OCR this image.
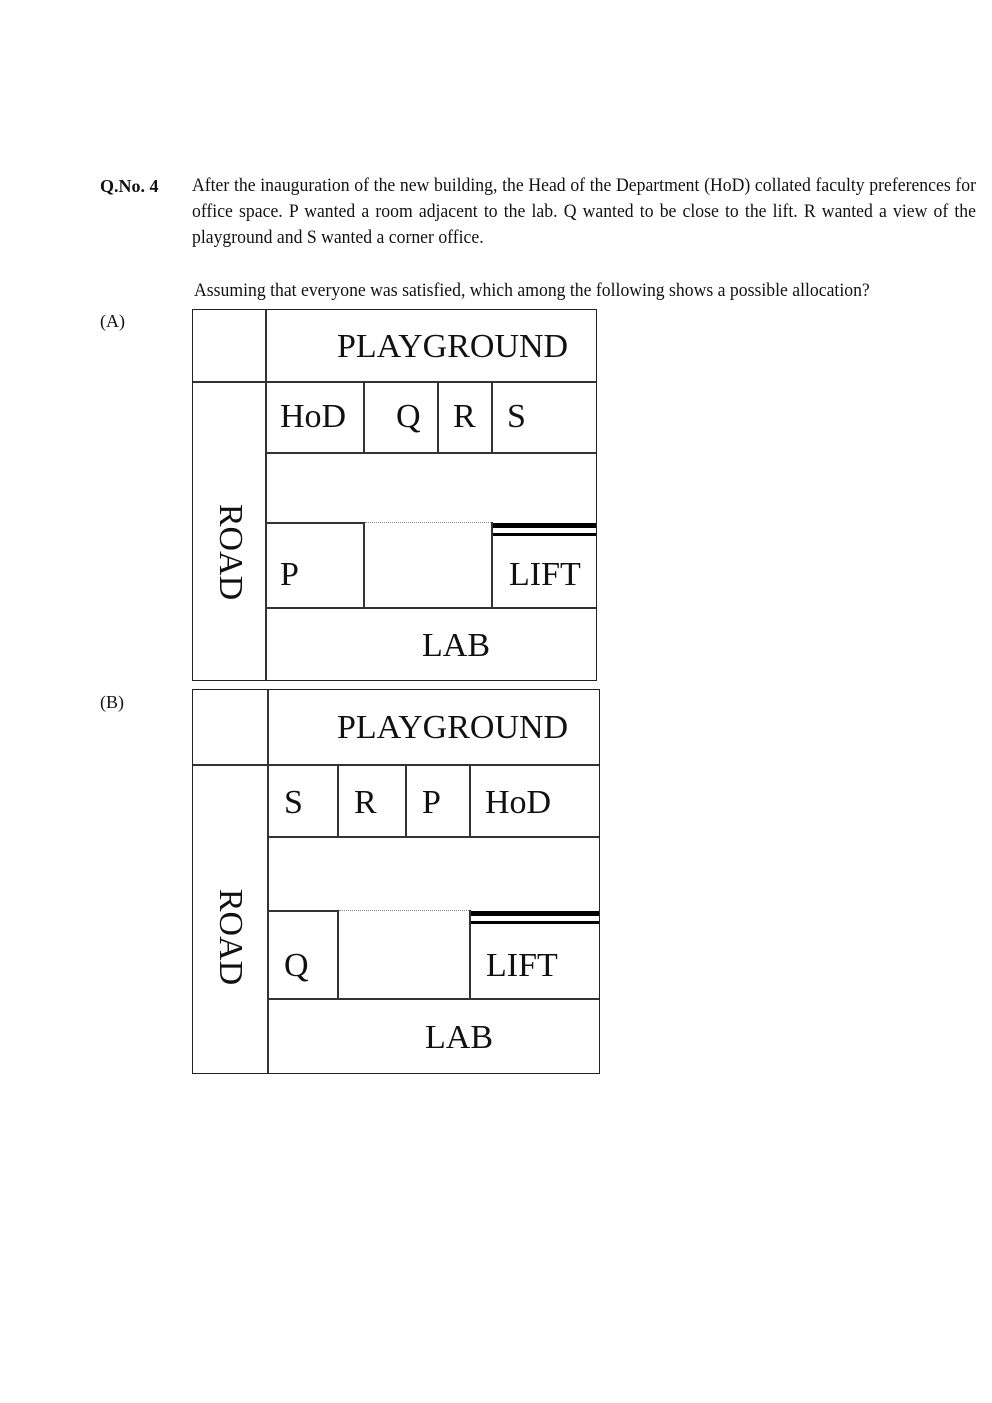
Q.No. 4 After the inauguration of the new building, the Head of the Department (HoD) collated faculty preferences for office space. P wanted a room adjacent to the lab. Q wanted to be close to the lift. R wanted a view of the playground and S wanted a corner office.
Assuming that everyone was satisfied, which among the following shows a possible allocation?
(A)
PLAYGROUND
ROAD
HoD Q R S
P	LIFT
LAB
(B)
PLAYGROUND
ROAD
S R P HoD
Q	LIFT
LAB
